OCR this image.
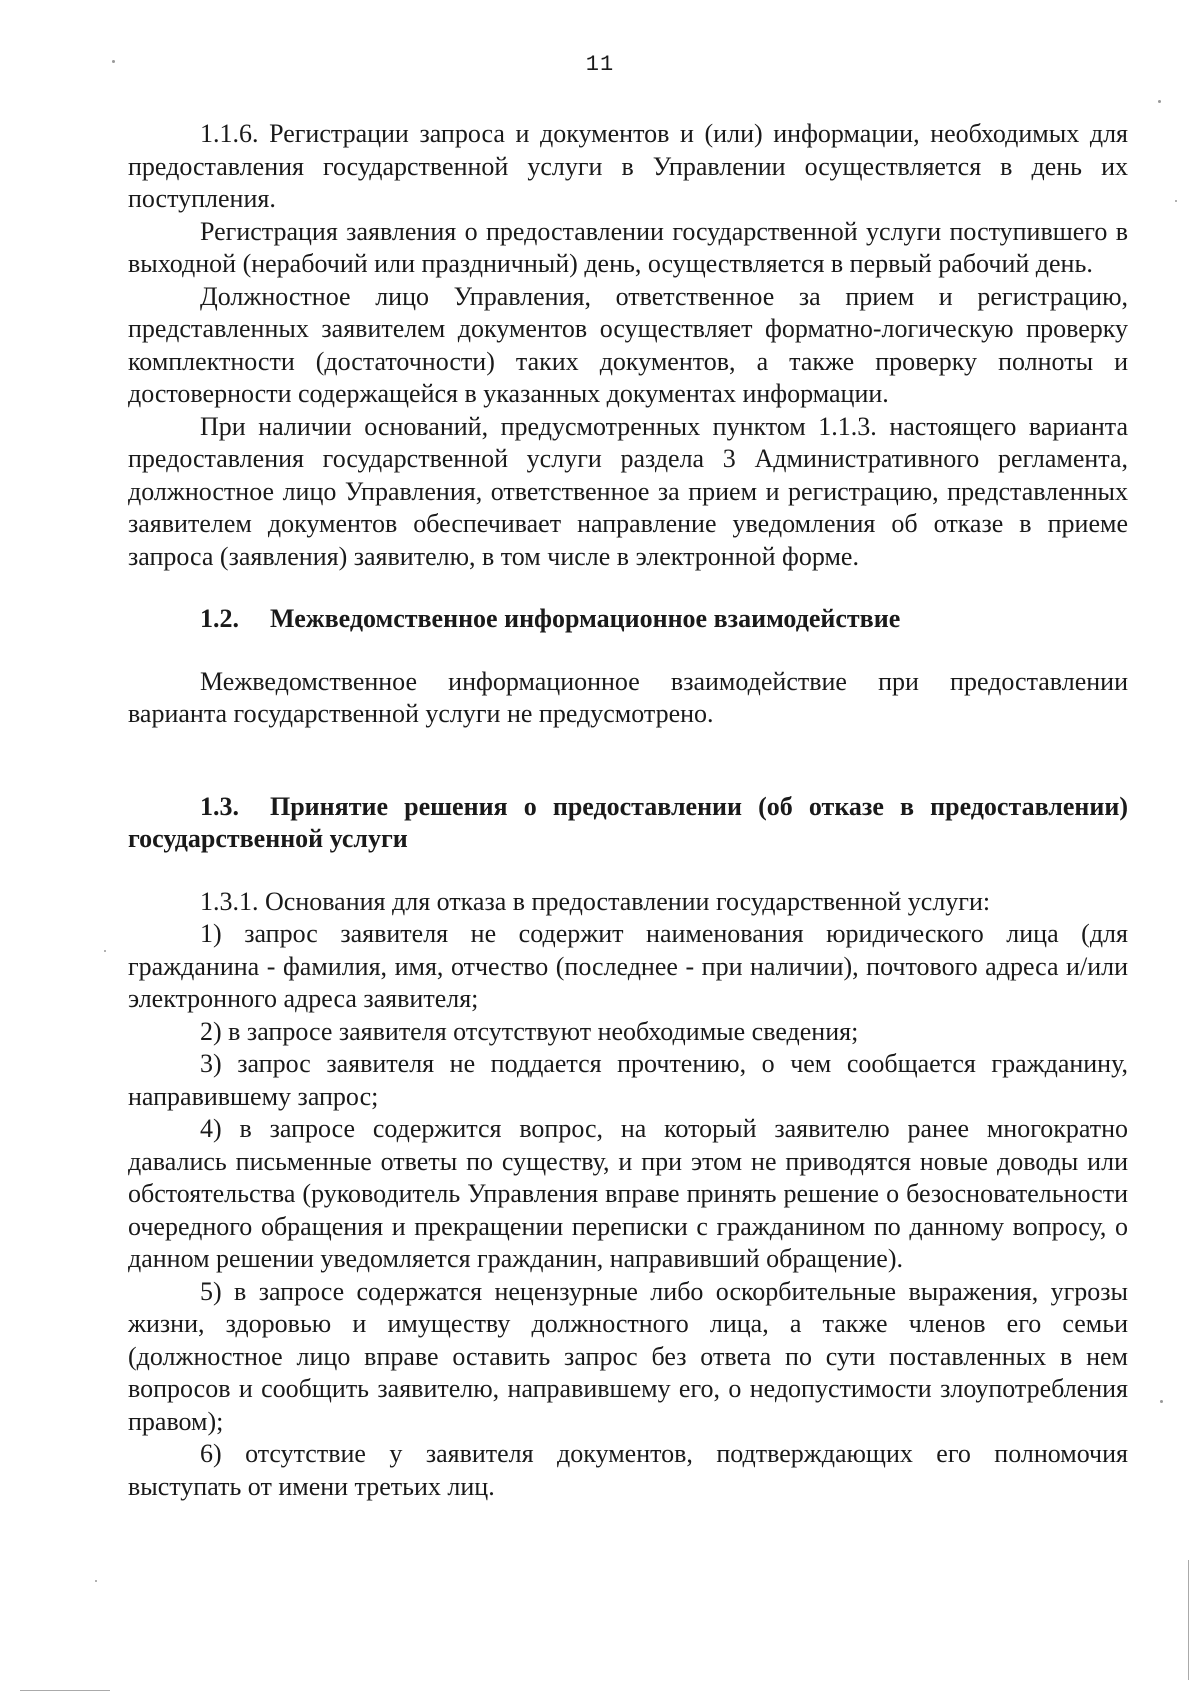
11

1.1.6. Регистрации запроса и документов и (или) информации, необходимых для предоставления государственной услуги в Управлении осуществляется в день их поступления.

Регистрация заявления о предоставлении государственной услуги поступившего в выходной (нерабочий или праздничный) день, осуществляется в первый рабочий день.

Должностное лицо Управления, ответственное за прием и регистрацию, представленных заявителем документов осуществляет форматно-логическую проверку комплектности (достаточности) таких документов, а также проверку полноты и достоверности содержащейся в указанных документах информации.

При наличии оснований, предусмотренных пунктом 1.1.3. настоящего варианта предоставления государственной услуги раздела 3 Административного регламента, должностное лицо Управления, ответственное за прием и регистрацию, представленных заявителем документов обеспечивает направление уведомления об отказе в приеме запроса (заявления) заявителю, в том числе в электронной форме.

1.2. Межведомственное информационное взаимодействие

Межведомственное информационное взаимодействие при предоставлении варианта государственной услуги не предусмотрено.

1.3. Принятие решения о предоставлении (об отказе в предоставлении) государственной услуги

1.3.1. Основания для отказа в предоставлении государственной услуги:

1) запрос заявителя не содержит наименования юридического лица (для гражданина - фамилия, имя, отчество (последнее - при наличии), почтового адреса и/или электронного адреса заявителя;

2) в запросе заявителя отсутствуют необходимые сведения;

3) запрос заявителя не поддается прочтению, о чем сообщается гражданину, направившему запрос;

4) в запросе содержится вопрос, на который заявителю ранее многократно давались письменные ответы по существу, и при этом не приводятся новые доводы или обстоятельства (руководитель Управления вправе принять решение о безосновательности очередного обращения и прекращении переписки с гражданином по данному вопросу, о данном решении уведомляется гражданин, направивший обращение).

5) в запросе содержатся нецензурные либо оскорбительные выражения, угрозы жизни, здоровью и имуществу должностного лица, а также членов его семьи (должностное лицо вправе оставить запрос без ответа по сути поставленных в нем вопросов и сообщить заявителю, направившему его, о недопустимости злоупотребления правом);

6) отсутствие у заявителя документов, подтверждающих его полномочия выступать от имени третьих лиц.
